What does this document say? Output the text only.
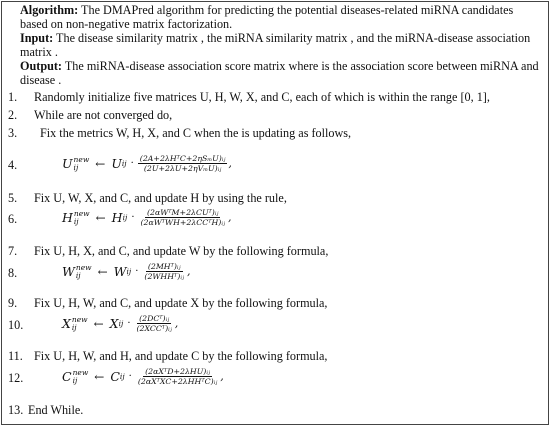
Algorithm: The DMAPred algorithm for predicting the potential diseases-related miRNA candidates based on non-negative matrix factorization.
Input: The disease similarity matrix , the miRNA similarity matrix , and the miRNA-disease association matrix .
Output: The miRNA-disease association score matrix where is the association score between miRNA and disease .
1. Randomly initialize five matrices U, H, W, X, and C, each of which is within the range [0, 1],
2. While are not converged do,
3. Fix the metrics W, H, X, and C when the is updating as follows,
4.	U new
ij	← U ij · $\frac{\text{(2A+2λHᵀC+2ηSₘU)ᵢⱼ}}{\text{(2U+2λU+2ηVₘU)ᵢⱼ}}$ ,
5. Fix U, W, X, and C, and update H by using the rule,
6.	H new
ij	← H ij · $\frac{\text{(2αWᵀM+2λCUᵀ)ᵢⱼ}}{\text{(2αWᵀWH+2λCCᵀH)ᵢⱼ}}$ ,
7. Fix U, H, X, and C, and update W by the following formula,
8.	W new
ij	← W ij · $\frac{\text{(2MHᵀ)ᵢⱼ}}{\text{(2WHHᵀ)ᵢⱼ}}$ ,
9. Fix U, H, W, and C, and update X by the following formula,
10.	X new
ij	← X ij · $\frac{\text{(2DCᵀ)ᵢⱼ}}{\text{(2XCCᵀ)ᵢⱼ}}$ ,
11. Fix U, H, W, and H, and update C by the following formula,
12.	C new
ij	← C ij · $\frac{\text{(2αXᵀD+2λHU)ᵢⱼ}}{\text{(2αXᵀXC+2λHHᵀC)ᵢⱼ}}$ ,
13. End While.
